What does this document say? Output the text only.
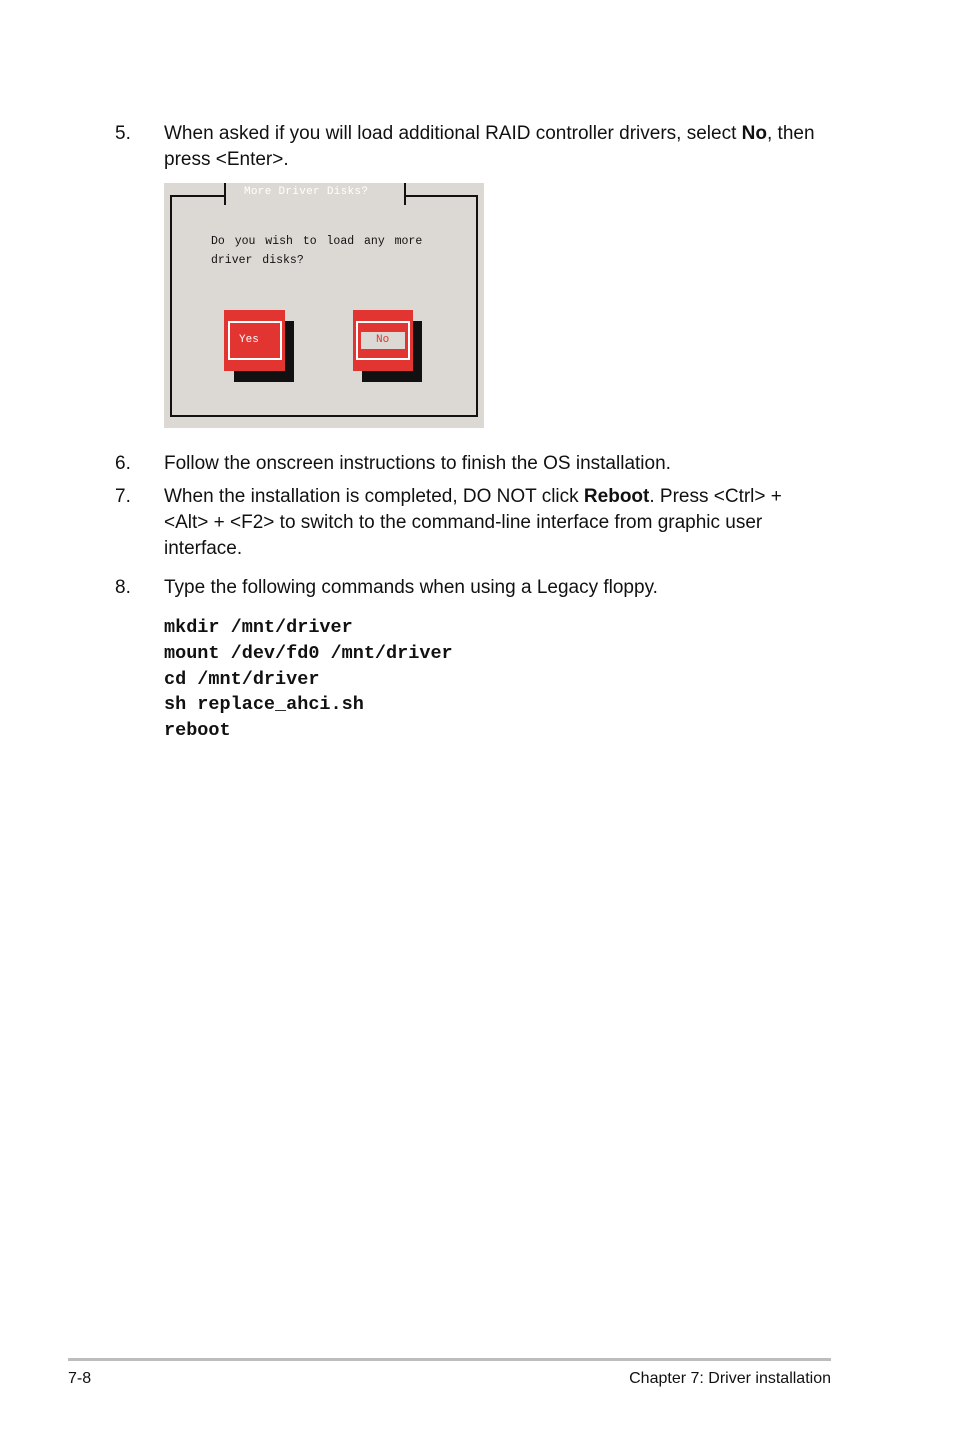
5. When asked if you will load additional RAID controller drivers, select No, then press <Enter>.
More Driver Disks?
Do you wish to load any more driver disks?
Yes	No
6. Follow the onscreen instructions to finish the OS installation.
7. When the installation is completed, DO NOT click Reboot. Press <Ctrl> + <Alt> + <F2> to switch to the command-line interface from graphic user interface.
8. Type the following commands when using a Legacy floppy.
mkdir /mnt/driver
mount /dev/fd0 /mnt/driver
cd /mnt/driver
sh replace_ahci.sh
reboot
7-8	Chapter 7: Driver installation
